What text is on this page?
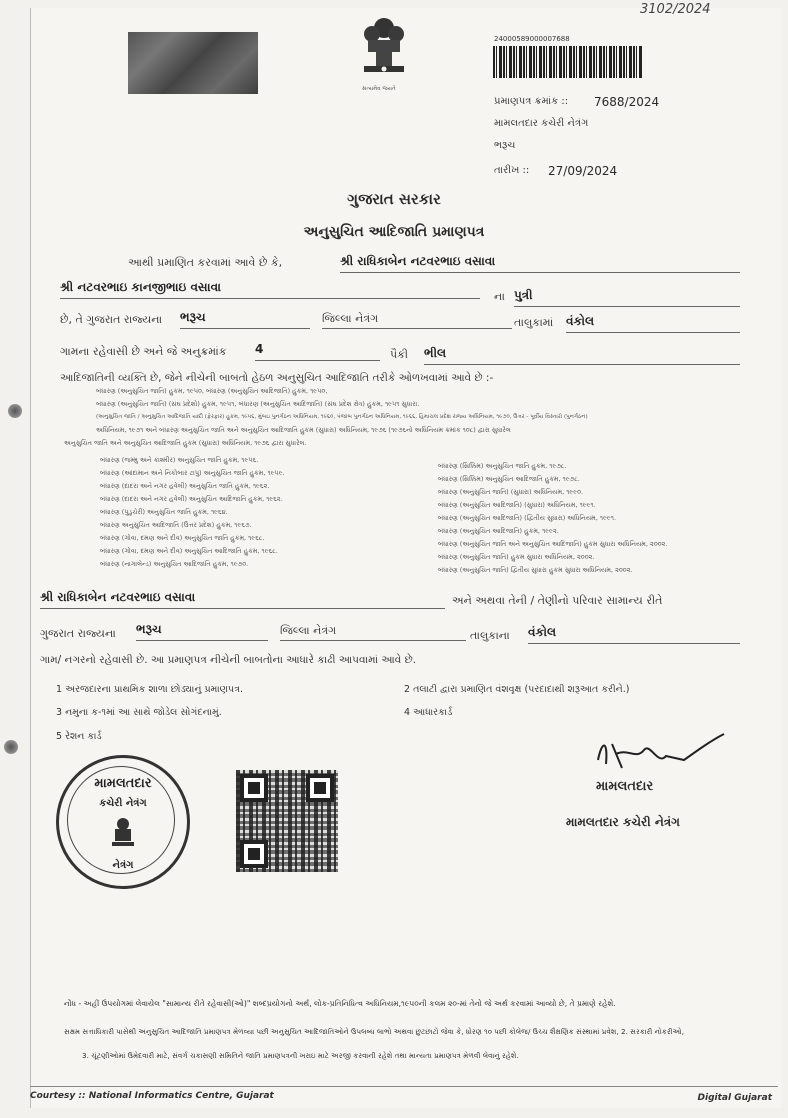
3102/2024
સત્યમેવ જયતે
24000589000007688
પ્રમાણપત્ર ક્રમાંક :: 7688/2024
મામલતદાર કચેરી નેત્રંગ
ભરૂચ
તારીખ :: 27/09/2024
ગુજરાત સરકાર
અનુસુચિત આદિજાતિ પ્રમાણપત્ર
આથી પ્રમાણિત કરવામાં આવે છે કે,	શ્રી રાધિકાબેન નટવરભાઇ વસાવા
શ્રી નટવરભાઇ કાનજીભાઇ વસાવા
ના પુત્રી
છે, તે ગુજરાત રાજ્યના ભરૂચ	જિલ્લા નેત્રંગ	તાલુકામાં વંકોલ
ગામના રહેવાસી છે અને જે અનુક્રમાંક 4	પૈકી ભીલ
આદિજાતિની વ્યક્તિ છે, જેને નીચેની બાબતો હેઠળ અનુસુચિત આદિજાતિ તરીકે ઓળખવામાં આવે છે :-
બંધારણ (અનુસુચિત જાતિ) હુકમ, ૧૯૫૦, બંધારણ (અનુસુચિત આદિજાતિ) હુકમ, ૧૯૫૦,
બંધારણ (અનુસુચિત જાતિ) (સંઘ પ્રદેશો) હુકમ, ૧૯૫૧, બંધારણ (અનુસુચિત આદિજાતિ) (સંઘ પ્રદેશ ક્ષેત્ર) હુકમ, ૧૯૫૧ સુધારા.
(અનુસુચિત જાતિ / અનુસુચિત આદિજાતિ યાદી (ફેરફાર) હુકમ, ૧૯૫૬, મુંબઇ પુનર્ગઠન અધિનિયમ, ૧૯૬૦, પંજાબ પુનર્ગઠન અધિનિયમ, ૧૯૬૬, હિમાચલ પ્રદેશ રાજ્ય અધિનિયમ, ૧૯૭૦, ઉત્તર - પૂર્વીય વિસ્તારો (પુનર્ગઠન)
અધિનિયમ, ૧૯૭૧ અને બંધારણ અનુસુચિત જાતિ અને અનુસુચિત આદિજાતિ હુકમ (સુધારા) અધિનિયમ, ૧૯૭૬ (૧૯૭૬નો અધિનિયમ ક્રમાંક ૧૦૮) દ્વારા સુધારેલ
અનુસુચિત જાતિ અને અનુસુચિત આદિજાતિ હુકમ (સુધારા) અધિનિયમ, ૧૯૭૬ દ્વારા સુધારેલ.
બંધારણ (જમ્મુ અને કાશ્મીર) અનુસુચિત જાતિ હુકમ, ૧૯૫૬.
બંધારણ (આંદામાન અને નિકોબાર ટાપુ) અનુસુચિત જાતિ હુકમ, ૧૯૫૯.
બંધારણ (દાદરા અને નગર હવેલી) અનુસુચિત જાતિ હુકમ, ૧૯૬૨.
બંધારણ (દાદરા અને નગર હવેલી) અનુસુચિત આદિજાતિ હુકમ, ૧૯૬૨.
બંધારણ (પુડુચેરી) અનુસુચિત જાતિ હુકમ, ૧૯૬૪.
બંધારણ અનુસુચિત આદિજાતિ (ઉત્તર પ્રદેશ) હુકમ, ૧૯૬૭.
બંધારણ (ગોવા, દમણ અને દીવ) અનુસુચિત જાતિ હુકમ, ૧૯૬૮.
બંધારણ (ગોવા, દમણ અને દીવ) અનુસુચિત આદિજાતિ હુકમ, ૧૯૬૮.
બંધારણ (નાગાલેન્ડ) અનુસુચિત આદિજાતિ હુકમ, ૧૯૭૦.
બંધારણ (સિક્કિમ) અનુસુચિત જાતિ હુકમ, ૧૯૭૮.
બંધારણ (સિક્કિમ) અનુસુચિત આદિજાતિ હુકમ, ૧૯૭૮.
બંધારણ (અનુસુચિત જાતિ) (સુધારા) અધિનિયમ, ૧૯૯૦.
બંધારણ (અનુસુચિત આદિજાતિ) (સુધારા) અધિનિયમ, ૧૯૯૧.
બંધારણ (અનુસુચિત આદિજાતિ) (દ્વિતીય સુધારા) અધિનિયમ, ૧૯૯૧.
બંધારણ (અનુસુચિત આદિજાતિ) હુકમ, ૧૯૯૨.
બંધારણ (અનુસુચિત જાતિ અને અનુસુચિત આદિજાતિ) હુકમ સુધારા અધિનિયમ, ૨૦૦૨.
બંધારણ (અનુસુચિત જાતિ) હુકમ સુધારા અધિનિયમ, ૨૦૦૨.
બંધારણ (અનુસુચિત જાતિ) દ્વિતીય સુધારા હુકમ સુધારા અધિનિયમ, ૨૦૦૨.
શ્રી રાધિકાબેન નટવરભાઇ વસાવા	અને અથવા તેની / તેણીનો પરિવાર સામાન્ય રીતે
ગુજરાત રાજ્યના ભરૂચ	જિલ્લા નેત્રંગ	તાલુકાના વંકોલ
ગામ/ નગરનો રહેવાસી છે. આ પ્રમાણપત્ર નીચેની બાબતોના આધારે કાઢી આપવામાં આવે છે.
1 અરજદારના પ્રાથમિક શાળા છોડ્યાનું પ્રમાણપત્ર.	2 તલાટી દ્વારા પ્રમાણિત વંશવૃક્ષ (પરદાદાથી શરૂઆત કરીને.)
3 નમુના ક-૧માં આ સાથે જોડેલ સોગંદનામું.	4 આધારકાર્ડ
5 રેશન કાર્ડ
મામલતદાર
કચેરી નેત્રંગ
નેત્રંગ
મામલતદાર
મામલતદાર કચેરી નેત્રંગ
નોંધ - અહીં ઉપયોગમાં લેવાયેલ "સામાન્ય રીતે રહેવાસી(ઓ)" શબ્દપ્રયોગનો અર્થ, લોક-પ્રતિનિધિત્વ અધિનિયમ,૧૯૫૦ની કલમ ૨૦-માં તેનો જે અર્થ કરવામાં આવ્યો છે, તે પ્રમાણે રહેશે.
સક્ષમ સત્તાધિકારી પાસેથી અનુસુચિત આદિજાતિ પ્રમાણપત્ર મેળવ્યા પછી અનુસુચિત આદિજાતિઓને ઉપલબ્ધ લાભો અથવા છુટછાટો જેવા કે, ધોરણ ૧૦ પછી કોલેજ/ ઉચ્ચ શૈક્ષણિક સંસ્થામાં પ્રવેશ, 2. સરકારી નોકરીઓ,
3. ચૂંટણીઓમાં ઉમેદવારી માટે, સંવર્ગ ચકાસણી સમિતિને જાતિ પ્રમાણપત્રની ખરાઇ માટે અરજી કરવાની રહેશે તથા માન્યતા પ્રમાણપત્ર મેળવી લેવાનું રહેશે.
Courtesy :: National Informatics Centre, Gujarat	Digital Gujarat
